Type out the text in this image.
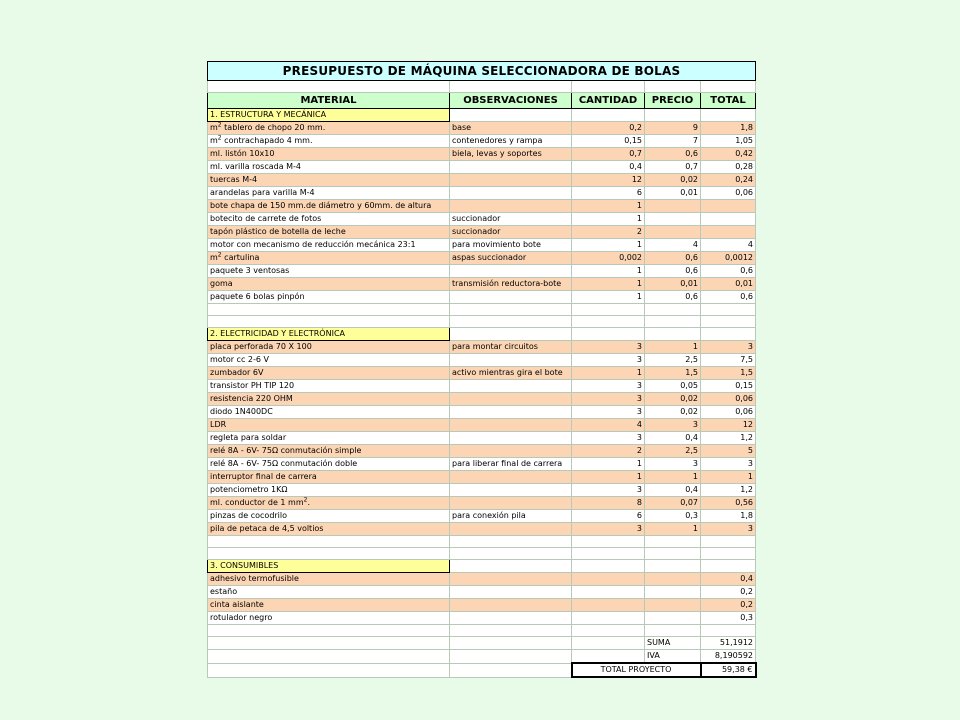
PRESUPUESTO DE MÁQUINA SELECCIONADORA DE BOLAS				

MATERIAL	OBSERVACIONES	CANTIDAD	PRECIO	TOTAL
1. ESTRUCTURA Y MECÁNICA				
$m^2$ tablero de chopo 20 mm.	base	0,2	9	1,8
$m^2$ contrachapado 4 mm.	contenedores y rampa	0,15	7	1,05
ml. listón 10x10	biela, levas y soportes	0,7	0,6	0,42
ml. varilla roscada M-4		0,4	0,7	0,28
tuercas M-4		12	0,02	0,24
arandelas para varilla M-4		6	0,01	0,06
bote chapa de 150 mm.de diámetro y 60mm. de altura		1		
botecito de carrete de fotos	succionador	1		
tapón plástico de botella de leche	succionador	2		
motor con mecanismo de reducción mecánica 23:1	para movimiento bote	1	4	4
$m^2$ cartulina	aspas succionador	0,002	0,6	0,0012
paquete 3 ventosas		1	0,6	0,6
goma	transmisión reductora-bote	1	0,01	0,01
paquete 6 bolas pinpón		1	0,6	0,6

2. ELECTRICIDAD Y ELECTRÓNICA				
placa perforada 70 X 100	para montar circuitos	3	1	3
motor cc 2-6 V		3	2,5	7,5
zumbador 6V	activo mientras gira el bote	1	1,5	1,5
transistor PH TIP 120		3	0,05	0,15
resistencia 220 OHM		3	0,02	0,06
diodo 1N400DC		3	0,02	0,06
LDR		4	3	12
regleta para soldar		3	0,4	1,2
relé 8A - 6V- 75Ω conmutación simple		2	2,5	5
relé 8A - 6V- 75Ω conmutación doble	para liberar final de carrera	1	3	3
interruptor final de carrera		1	1	1
potenciometro 1KΩ		3	0,4	1,2
ml. conductor de 1 $mm^2$.		8	0,07	0,56
pinzas de cocodrilo	para conexión pila	6	0,3	1,8
pila de petaca de 4,5 voltios		3	1	3

3. CONSUMIBLES				
adhesivo termofusible				0,4
estaño				0,2
cinta aislante				0,2
rotulador negro				0,3

			SUMA	51,1912
			IVA	8,190592
		TOTAL PROYECTO		59,38 €
